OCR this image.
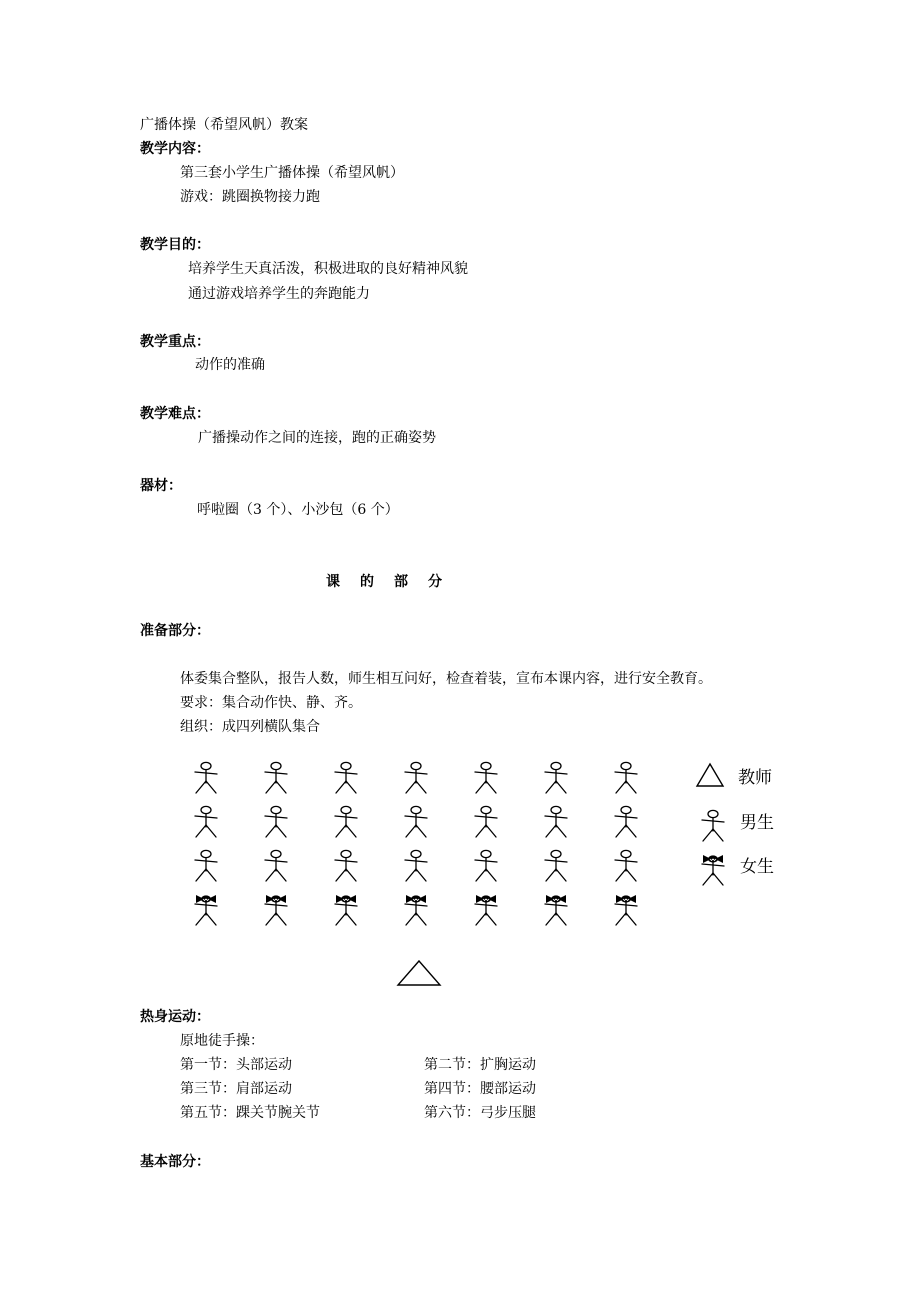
广播体操（希望风帆）教案
教学内容：
第三套小学生广播体操（希望风帆）
游戏：跳圈换物接力跑
教学目的：
培养学生天真活泼，积极进取的良好精神风貌
通过游戏培养学生的奔跑能力
教学重点：
动作的准确
教学难点：
广播操动作之间的连接，跑的正确姿势
器材：
呼啦圈（3 个）、小沙包（6 个）
课的部分
准备部分：
体委集合整队，报告人数，师生相互问好，检查着装，宣布本课内容，进行安全教育。
要求：集合动作快、静、齐。
组织：成四列横队集合
教师
男生
女生
热身运动：
原地徒手操：
第一节：头部运动	第二节：扩胸运动
第三节：肩部运动	第四节：腰部运动
第五节：踝关节腕关节	第六节：弓步压腿
基本部分：
